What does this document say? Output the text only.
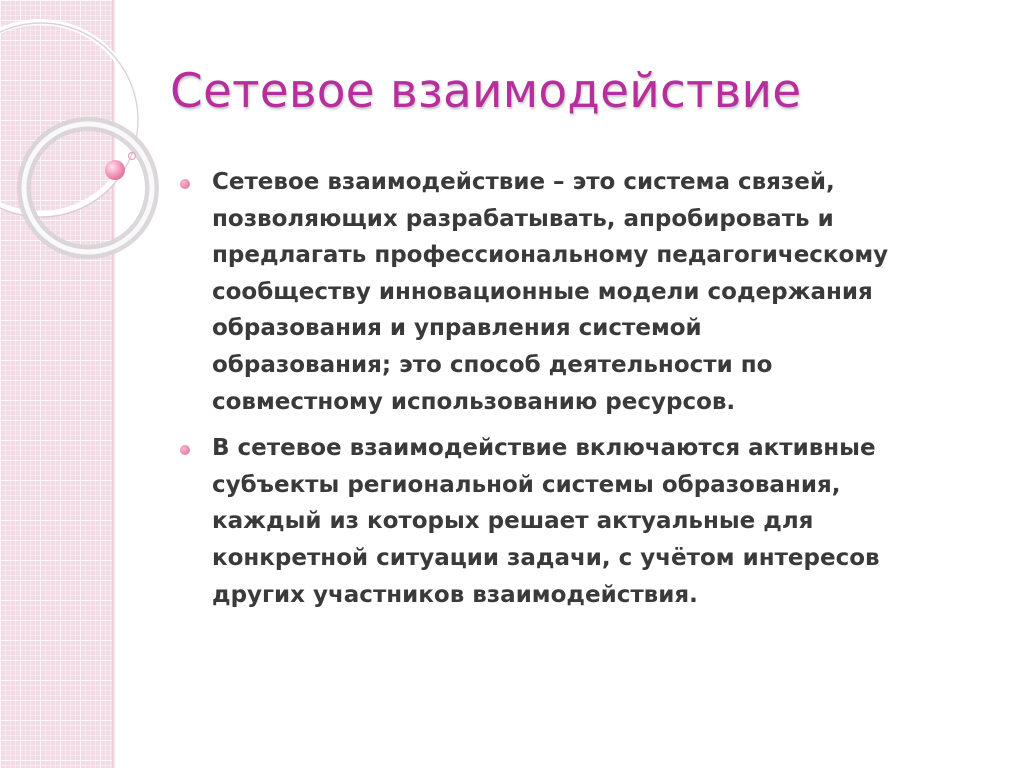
Сетевое взаимодействие
Сетевое взаимодействие – это система связей,
позволяющих разрабатывать, апробировать и
предлагать профессиональному педагогическому
сообществу инновационные модели содержания
образования и управления системой
образования; это способ деятельности по
совместному использованию ресурсов.
В сетевое взаимодействие включаются активные
субъекты региональной системы образования,
каждый из которых решает актуальные для
конкретной ситуации задачи, с учётом интересов
других участников взаимодействия.
